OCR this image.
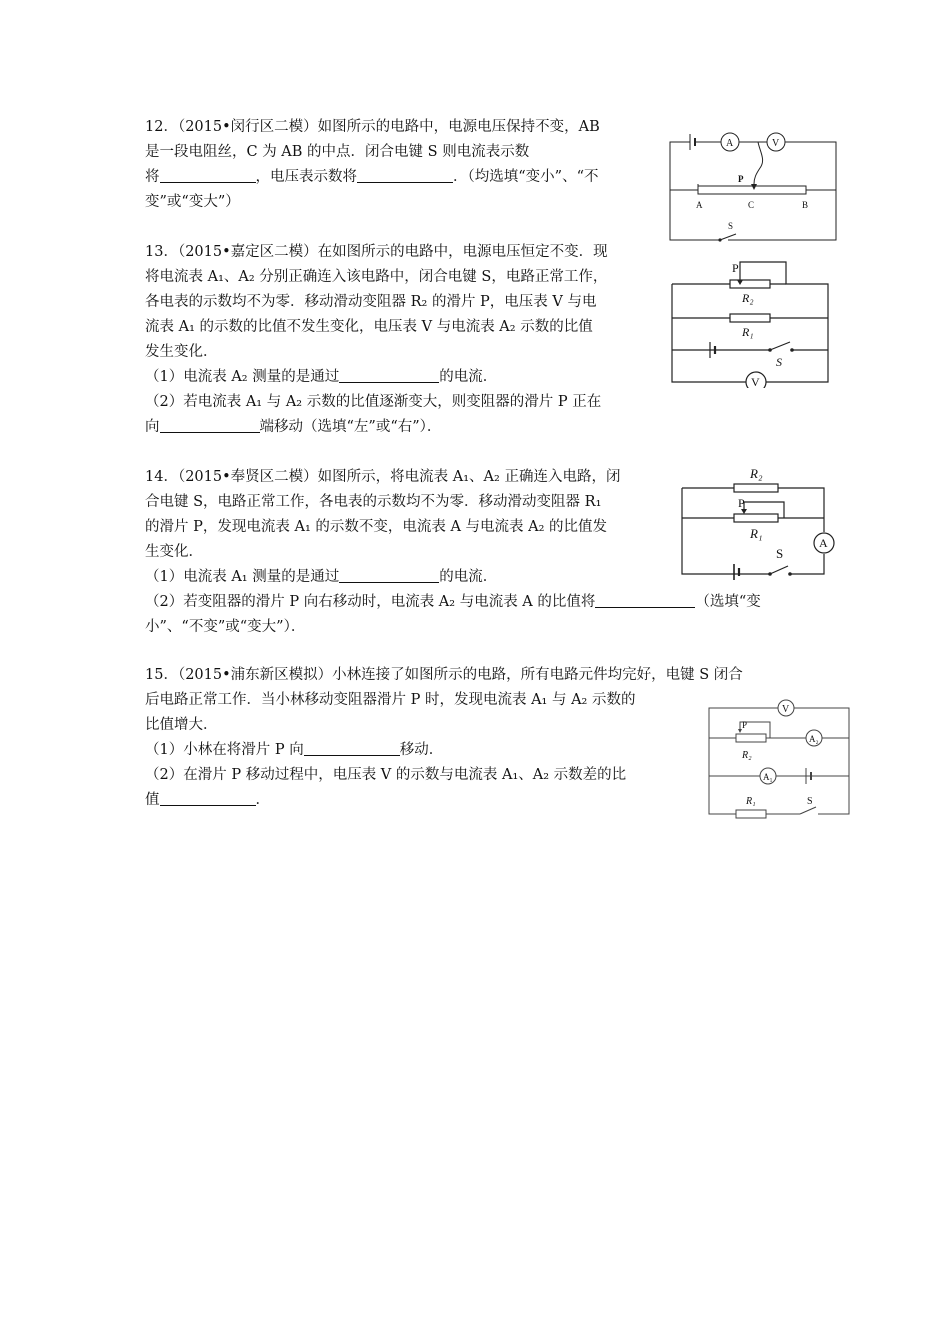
12．（2015•闵行区二模）如图所示的电路中，电源电压保持不变，AB
是一段电阻丝，C 为 AB 的中点．闭合电键 S 则电流表示数
将	，电压表示数将	．（均选填“变小”、“不
变”或“变大”）
A	V
P
A	C	B
S
13．（2015•嘉定区二模）在如图所示的电路中，电源电压恒定不变．现
将电流表 A₁、A₂ 分别正确连入该电路中，闭合电键 S，电路正常工作，
各电表的示数均不为零．移动滑动变阻器 R₂ 的滑片 P，电压表 V 与电
流表 A₁ 的示数的比值不发生变化，电压表 V 与电流表 A₂ 示数的比值
发生变化．
（1）电流表 A₂ 测量的是通过	的电流．
（2）若电流表 A₁ 与 A₂ 示数的比值逐渐变大，则变阻器的滑片 P 正在
向	端移动（选填“左”或“右”）．
P
R₂
R₁
S
V
14．（2015•奉贤区二模）如图所示，将电流表 A₁、A₂ 正确连入电路，闭
合电键 S，电路正常工作，各电表的示数均不为零．移动滑动变阻器 R₁
的滑片 P，发现电流表 A₁ 的示数不变，电流表 A 与电流表 A₂ 的比值发
生变化．
（1）电流表 A₁ 测量的是通过	的电流．
（2）若变阻器的滑片 P 向右移动时，电流表 A₂ 与电流表 A 的比值将	（选填“变
小”、“不变”或“变大”）．
R₂
P
R₁
A
S
15．（2015•浦东新区模拟）小林连接了如图所示的电路，所有电路元件均完好，电键 S 闭合
后电路正常工作．当小林移动变阻器滑片 P 时，发现电流表 A₁ 与 A₂ 示数的
比值增大．
（1）小林在将滑片 P 向	移动．
（2）在滑片 P 移动过程中，电压表 V 的示数与电流表 A₁、A₂ 示数差的比
值	．
V
P
A₂
R₂
A₁
R₁	S
